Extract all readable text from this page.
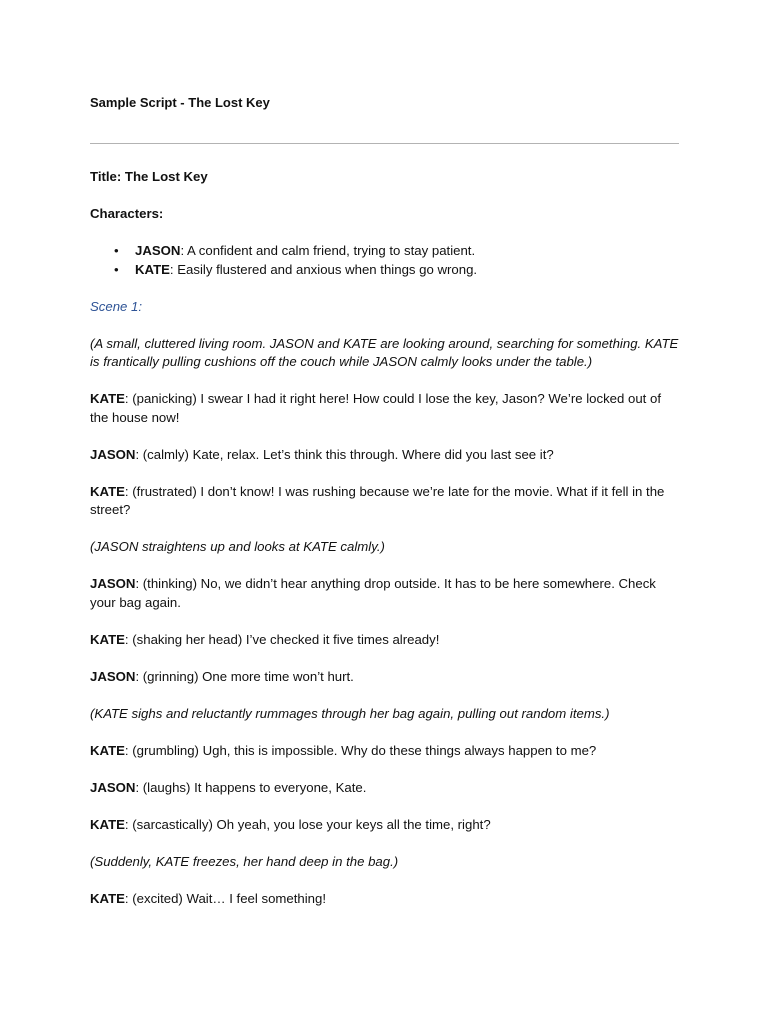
Sample Script - The Lost Key

Title: The Lost Key

Characters:

• JASON: A confident and calm friend, trying to stay patient.
• KATE: Easily flustered and anxious when things go wrong.

Scene 1:

(A small, cluttered living room. JASON and KATE are looking around, searching for something. KATE is frantically pulling cushions off the couch while JASON calmly looks under the table.)

KATE: (panicking) I swear I had it right here! How could I lose the key, Jason? We’re locked out of the house now!

JASON: (calmly) Kate, relax. Let’s think this through. Where did you last see it?

KATE: (frustrated) I don’t know! I was rushing because we’re late for the movie. What if it fell in the street?

(JASON straightens up and looks at KATE calmly.)

JASON: (thinking) No, we didn’t hear anything drop outside. It has to be here somewhere. Check your bag again.

KATE: (shaking her head) I’ve checked it five times already!

JASON: (grinning) One more time won’t hurt.

(KATE sighs and reluctantly rummages through her bag again, pulling out random items.)

KATE: (grumbling) Ugh, this is impossible. Why do these things always happen to me?

JASON: (laughs) It happens to everyone, Kate.

KATE: (sarcastically) Oh yeah, you lose your keys all the time, right?

(Suddenly, KATE freezes, her hand deep in the bag.)

KATE: (excited) Wait… I feel something!
